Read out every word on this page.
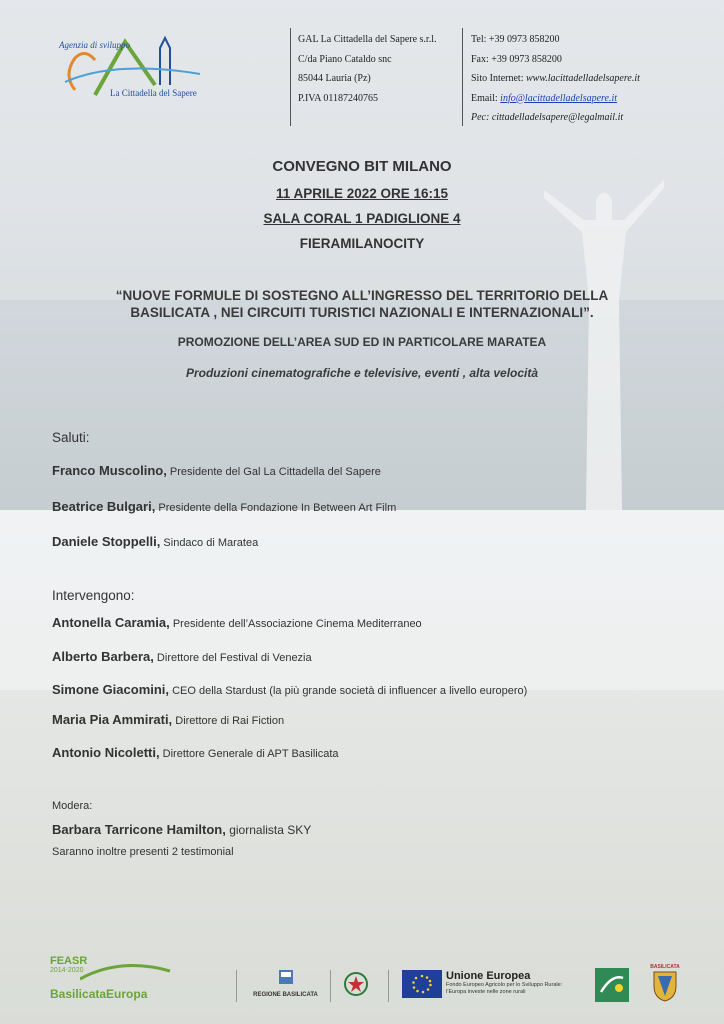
Agenzia di sviluppo
La Cittadella del Sapere
GAL La Cittadella del Sapere s.r.l.
C/da Piano Cataldo snc
85044 Lauria (Pz)
P.IVA 01187240765
Tel: +39 0973 858200
Fax: +39 0973 858200
Sito Internet: www.lacittadelladelsapere.it
Email: info@lacittadelladelsapere.it
Pec: cittadelladelsapere@legalmail.it
CONVEGNO BIT MILANO
11 APRILE 2022 ORE 16:15
SALA CORAL 1 PADIGLIONE 4
FIERAMILANOCITY
“NUOVE FORMULE DI SOSTEGNO ALL’INGRESSO DEL TERRITORIO DELLA
BASILICATA , NEI CIRCUITI TURISTICI NAZIONALI E INTERNAZIONALI”.
PROMOZIONE DELL’AREA SUD ED IN PARTICOLARE MARATEA
Produzioni cinematografiche e televisive, eventi , alta velocità
Saluti:
Franco Muscolino, Presidente del Gal La Cittadella del Sapere
Beatrice Bulgari, Presidente della Fondazione In Between Art Film
Daniele Stoppelli, Sindaco di Maratea
Intervengono:
Antonella Caramia, Presidente dell’Associazione Cinema Mediterraneo
Alberto Barbera, Direttore del Festival di Venezia
Simone Giacomini, CEO della Stardust (la più grande società di influencer a livello europero)
Maria Pia Ammirati, Direttore di Rai Fiction
Antonio Nicoletti, Direttore Generale di APT Basilicata
Modera:
Barbara Tarricone Hamilton, giornalista SKY
Saranno inoltre presenti 2 testimonial
FEASR
2014-2020
BasilicataEuropa	REGIONE BASILICATA
Unione Europea
Fondo Europeo Agricolo per lo Sviluppo Rurale:
l’Europa investe nelle zone rurali
BASILICATA
